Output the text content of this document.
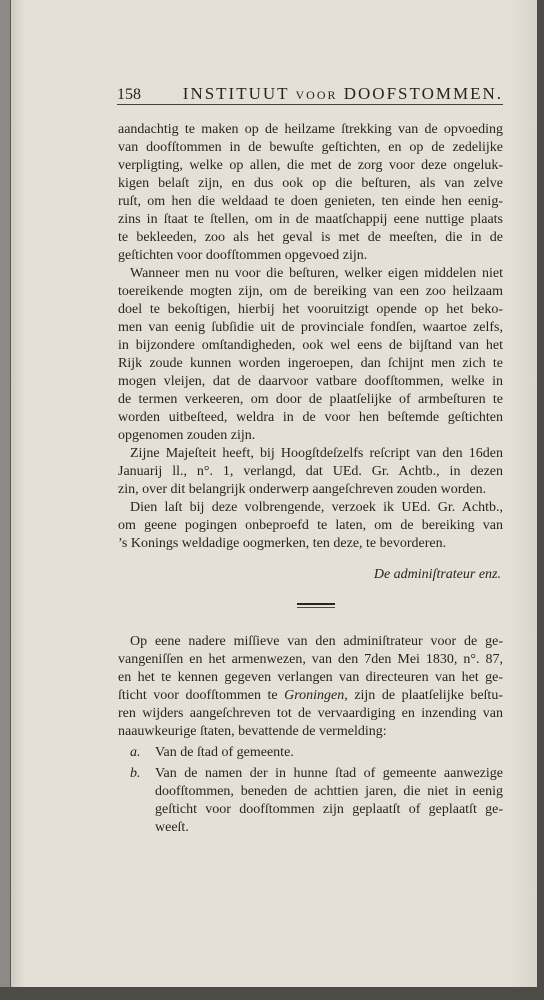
158 INSTITUUT voor DOOFSTOMMEN.
aandachtig te maken op de heilzame ſtrekking van de opvoeding
van doofſtommen in de bewuſte geſtichten, en op de zedelijke
verpligting, welke op allen, die met de zorg voor deze ongeluk-
kigen belaſt zijn, en dus ook op die beſturen, als van zelve
ruſt, om hen die weldaad te doen genieten, ten einde hen eenig-
zins in ſtaat te ſtellen, om in de maatſchappij eene nuttige plaats
te bekleeden, zoo als het geval is met de meeſten, die in de
geſtichten voor doofſtommen opgevoed zijn.
Wanneer men nu voor die beſturen, welker eigen middelen niet
toereikende mogten zijn, om de bereiking van een zoo heilzaam
doel te bekoſtigen, hierbij het vooruitzigt opende op het beko-
men van eenig ſubſidie uit de provinciale fondſen, waartoe zelfs,
in bijzondere omſtandigheden, ook wel eens de bijſtand van het
Rijk zoude kunnen worden ingeroepen, dan ſchijnt men zich te
mogen vleijen, dat de daarvoor vatbare doofſtommen, welke in
de termen verkeeren, om door de plaatſelijke of armbeſturen te
worden uitbeſteed, weldra in de voor hen beſtemde geſtichten
opgenomen zouden zijn.
Zijne Majeſteit heeft, bij Hoogſtdeſzelfs reſcript van den 16den
Januarij ll., n°. 1, verlangd, dat UEd. Gr. Achtb., in dezen
zin, over dit belangrijk onderwerp aangeſchreven zouden worden.
Dien laſt bij deze volbrengende, verzoek ik UEd. Gr. Achtb.,
om geene pogingen onbeproefd te laten, om de bereiking van
’s Konings weldadige oogmerken, ten deze, te bevorderen.
De adminiſtrateur enz.
Op eene nadere miſſieve van den adminiſtrateur voor de ge-
vangeniſſen en het armenwezen, van den 7den Mei 1830, n°. 87,
en het te kennen gegeven verlangen van directeuren van het ge-
ſticht voor doofſtommen te Groningen, zijn de plaatſelijke beſtu-
ren wijders aangeſchreven tot de vervaardiging en inzending van
naauwkeurige ſtaten, bevattende de vermelding:
a. Van de ſtad of gemeente.
b. Van de namen der in hunne ſtad of gemeente aanwezige
doofſtommen, beneden de achttien jaren, die niet in eenig
geſticht voor doofſtommen zijn geplaatſt of geplaatſt ge-
weeſt.
